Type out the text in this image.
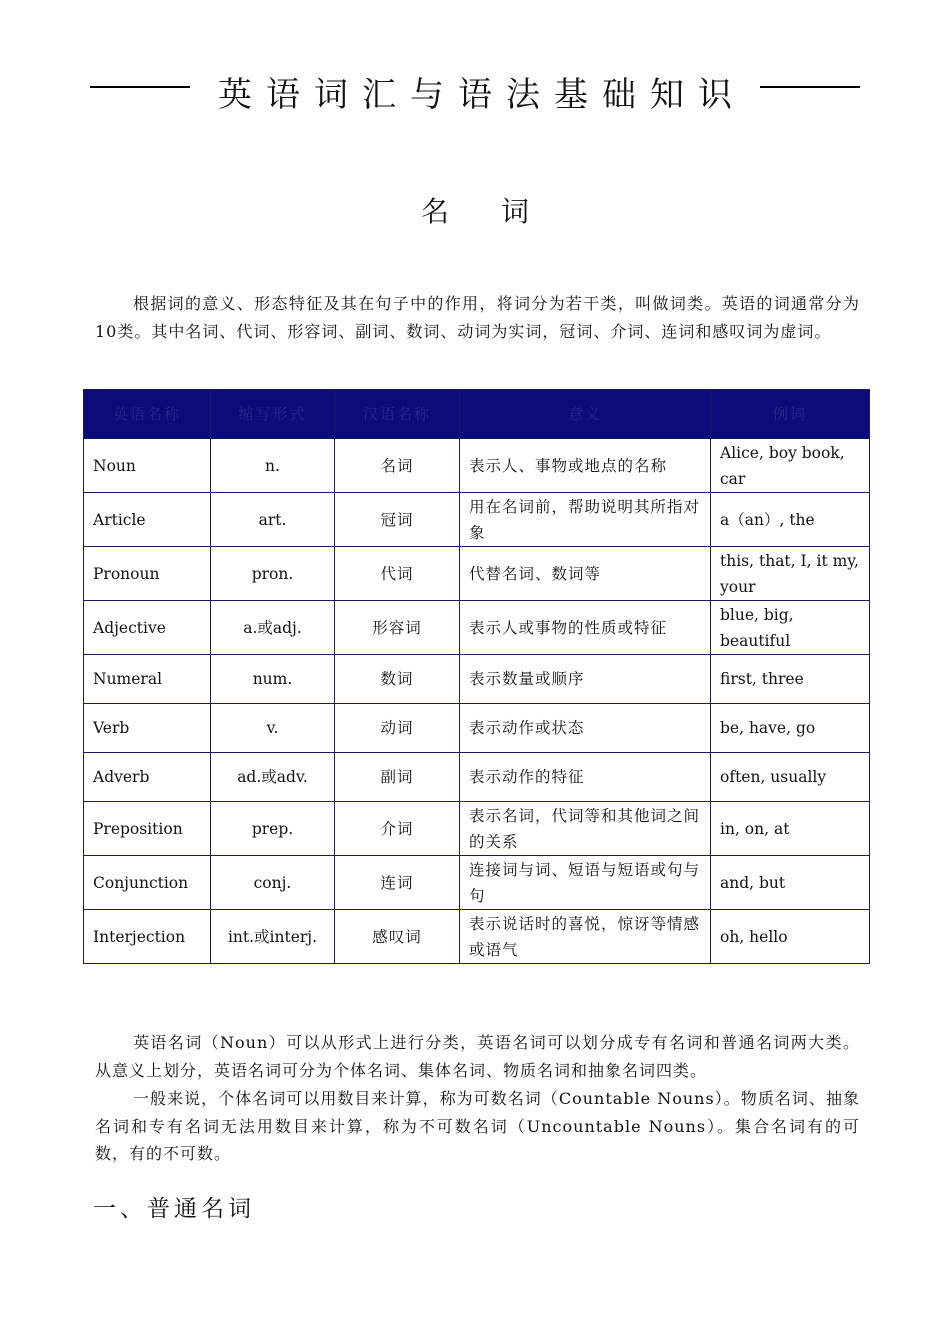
英语词汇与语法基础知识
名词

根据词的意义、形态特征及其在句子中的作用，将词分为若干类，叫做词类。英语的词通常分为10类。其中名词、代词、形容词、副词、数词、动词为实词，冠词、介词、连词和感叹词为虚词。

英语名称	缩写形式	汉语名称	意义	例词
Noun	n.	名词	表示人、事物或地点的名称	Alice, boy book, car
Article	art.	冠词	用在名词前，帮助说明其所指对象	a（an）, the
Pronoun	pron.	代词	代替名词、数词等	this, that, I, it my, your
Adjective	a.或adj.	形容词	表示人或事物的性质或特征	blue, big, beautiful
Numeral	num.	数词	表示数量或顺序	first, three
Verb	v.	动词	表示动作或状态	be, have, go
Adverb	ad.或adv.	副词	表示动作的特征	often, usually
Preposition	prep.	介词	表示名词，代词等和其他词之间的关系	in, on, at
Conjunction	conj.	连词	连接词与词、短语与短语或句与句	and, but
Interjection	int.或interj.	感叹词	表示说话时的喜悦，惊讶等情感或语气	oh, hello

英语名词（Noun）可以从形式上进行分类，英语名词可以划分成专有名词和普通名词两大类。从意义上划分，英语名词可分为个体名词、集体名词、物质名词和抽象名词四类。

一般来说，个体名词可以用数目来计算，称为可数名词（Countable Nouns）。物质名词、抽象名词和专有名词无法用数目来计算，称为不可数名词（Uncountable Nouns）。集合名词有的可数，有的不可数。

一、普通名词
